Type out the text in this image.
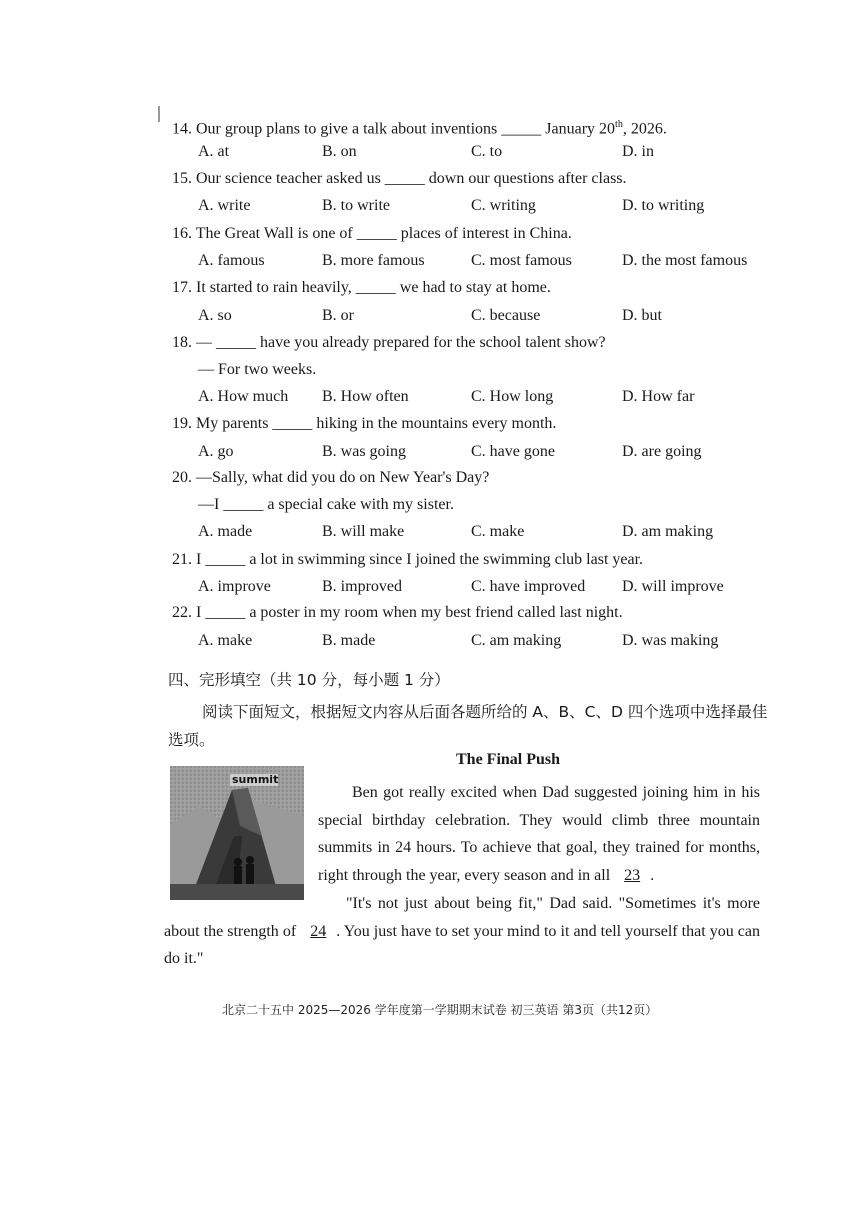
14. Our group plans to give a talk about inventions _____ January 20th, 2026.
A. at	B. on	C. to	D. in
15. Our science teacher asked us _____ down our questions after class.
A. write	B. to write	C. writing	D. to writing
16. The Great Wall is one of _____ places of interest in China.
A. famous	B. more famous	C. most famous	D. the most famous
17. It started to rain heavily, _____ we had to stay at home.
A. so	B. or	C. because	D. but
18. — _____ have you already prepared for the school talent show?
— For two weeks.
A. How much B. How often	C. How long	D. How far
19. My parents _____ hiking in the mountains every month.
A. go	B. was going	C. have gone	D. are going
20. —Sally, what did you do on New Year's Day?
—I _____ a special cake with my sister.
A. made	B. will make	C. make	D. am making
21. I _____ a lot in swimming since I joined the swimming club last year.
A. improve	B. improved	C. have improved D. will improve
22. I _____ a poster in my room when my best friend called last night.
A. make	B. made	C. am making	D. was making
四、完形填空（共 10 分，每小题 1 分）
阅读下面短文，根据短文内容从后面各题所给的 A、B、C、D 四个选项中选择最佳选项。
The Final Push
summit
Ben got really excited when Dad suggested joining him in his special birthday celebration. They would climb three mountain summits in 24 hours. To achieve that goal, they trained for months, right through the year, every season and in all 23 .
"It's not just about being fit," Dad said. "Sometimes it's more about the strength of 24 . You just have to set your mind to it and tell yourself that you can do it."
北京二十五中 2025—2026 学年度第一学期期末试卷 初三英语 第3页（共12页）
